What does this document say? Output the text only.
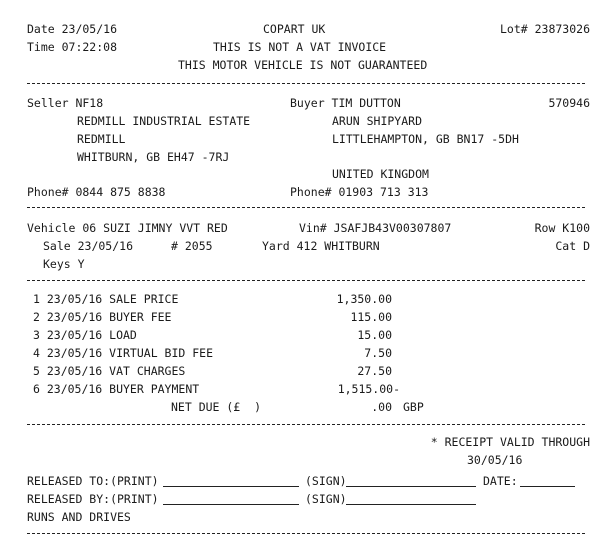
Date 23/05/16	COPART UK	Lot# 23873026
Time 07:22:08	THIS IS NOT A VAT INVOICE
THIS MOTOR VEHICLE IS NOT GUARANTEED
Seller NF18
REDMILL INDUSTRIAL ESTATE
REDMILL
WHITBURN, GB EH47 -7RJ
Phone# 0844 875 8838
Buyer TIM DUTTON	570946
ARUN SHIPYARD
LITTLEHAMPTON, GB BN17 -5DH
UNITED KINGDOM
Phone# 01903 713 313
Vehicle 06 SUZI JIMNY VVT RED	Vin# JSAFJB43V00307807	Row K100
Sale 23/05/16	# 2055	Yard 412 WHITBURN	Cat D
Keys Y
1 23/05/16 SALE PRICE	1,350.00
2 23/05/16 BUYER FEE	115.00
3 23/05/16 LOAD	15.00
4 23/05/16 VIRTUAL BID FEE	7.50
5 23/05/16 VAT CHARGES	27.50
6 23/05/16 BUYER PAYMENT	1,515.00-
NET DUE (£  )	.00 GBP
* RECEIPT VALID THROUGH
30/05/16
RELEASED TO:(PRINT)	(SIGN)	DATE:
RELEASED BY:(PRINT)	(SIGN)
RUNS AND DRIVES
